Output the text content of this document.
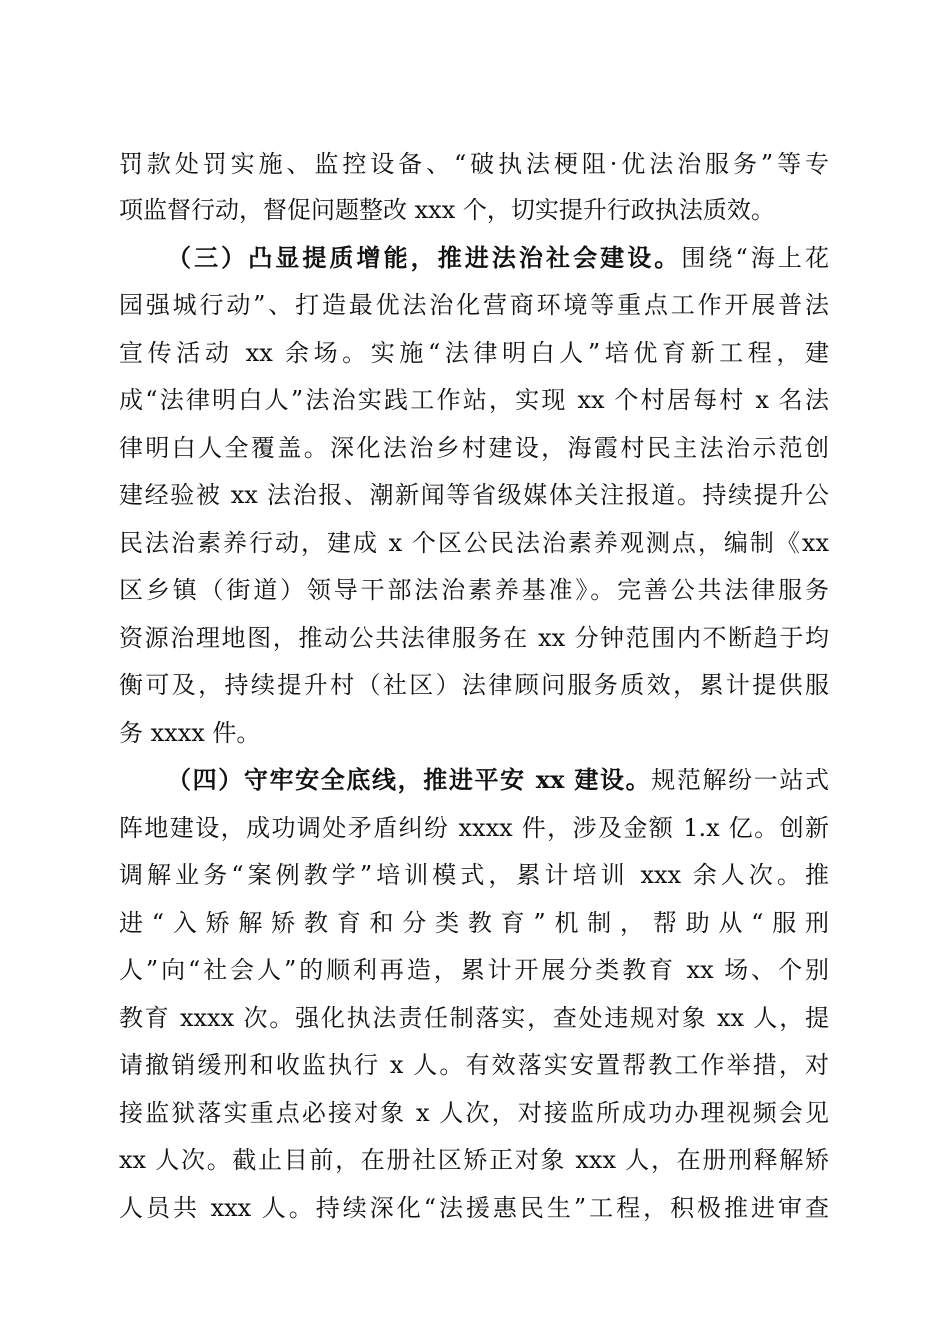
罚款处罚实施、监控设备、“破执法梗阻·优法治服务”等专
项监督行动，督促问题整改 xxx 个，切实提升行政执法质效。
（三）凸显提质增能，推进法治社会建设。围绕“海上花
园强城行动”、打造最优法治化营商环境等重点工作开展普法
宣传活动 xx 余场。实施“法律明白人”培优育新工程，建
成“法律明白人”法治实践工作站，实现 xx 个村居每村 x 名法
律明白人全覆盖。深化法治乡村建设，海霞村民主法治示范创
建经验被 xx 法治报、潮新闻等省级媒体关注报道。持续提升公
民法治素养行动，建成 x 个区公民法治素养观测点，编制《xx
区乡镇（街道）领导干部法治素养基准》。完善公共法律服务
资源治理地图，推动公共法律服务在 xx 分钟范围内不断趋于均
衡可及，持续提升村（社区）法律顾问服务质效，累计提供服
务 xxxx 件。
（四）守牢安全底线，推进平安 xx 建设。规范解纷一站式
阵地建设，成功调处矛盾纠纷 xxxx 件，涉及金额 1.x 亿。创新
调解业务“案例教学”培训模式，累计培训 xxx 余人次。推
进“入矫解矫教育和分类教育”机制，帮助从“服刑
人”向“社会人”的顺利再造，累计开展分类教育 xx 场、个别
教育 xxxx 次。强化执法责任制落实，查处违规对象 xx 人，提
请撤销缓刑和收监执行 x 人。有效落实安置帮教工作举措，对
接监狱落实重点必接对象 x 人次，对接监所成功办理视频会见
xx 人次。截止目前，在册社区矫正对象 xxx 人，在册刑释解矫
人员共 xxx 人。持续深化“法援惠民生”工程，积极推进审查
